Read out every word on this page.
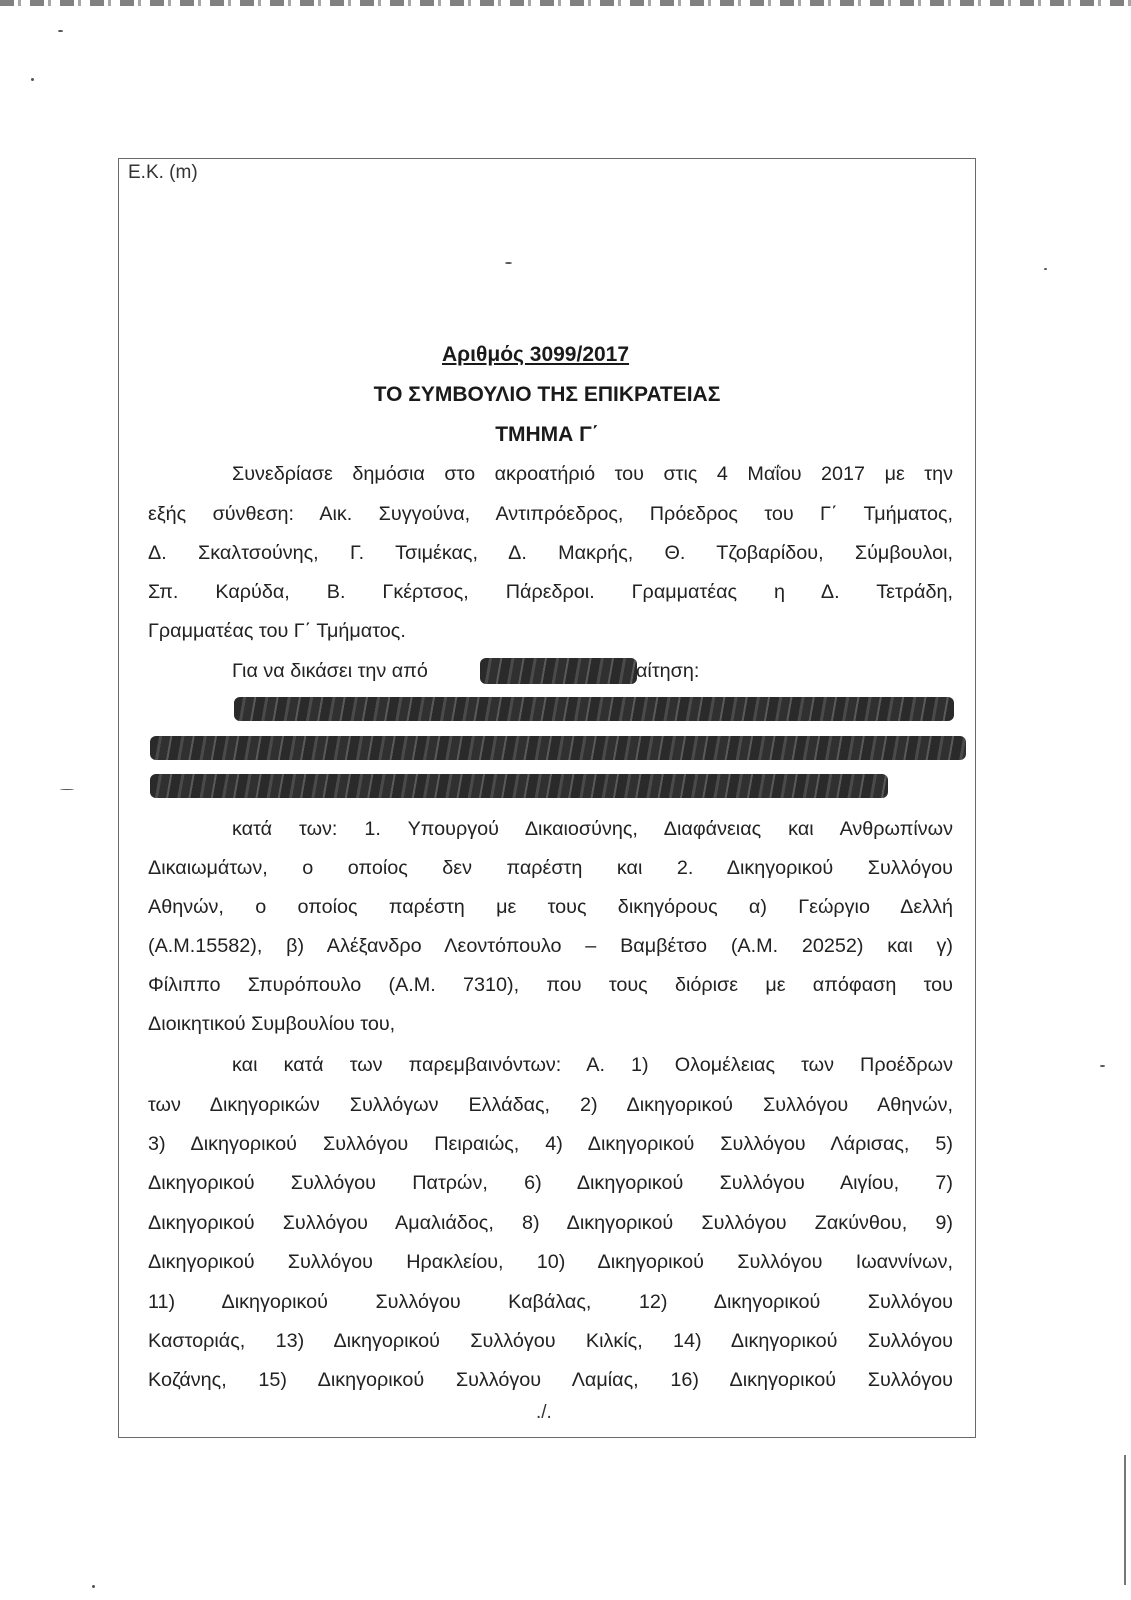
Ε.Κ. (m)
Αριθμός 3099/2017
ΤΟ ΣΥΜΒΟΥΛΙΟ ΤΗΣ ΕΠΙΚΡΑΤΕΙΑΣ
ΤΜΗΜΑ Γ΄
Συνεδρίασε δημόσια στο ακροατήριό του στις 4 Μαΐου 2017 με την
εξής σύνθεση: Αικ. Συγγούνα, Αντιπρόεδρος, Πρόεδρος του Γ΄ Τμήματος,
Δ. Σκαλτσούνης, Γ. Τσιμέκας, Δ. Μακρής, Θ. Τζοβαρίδου, Σύμβουλοι,
Σπ. Καρύδα, Β. Γκέρτσος, Πάρεδροι. Γραμματέας η Δ. Τετράδη,
Γραμματέας του Γ΄ Τμήματος.
Για να δικάσει την από	αίτηση:
κατά των: 1. Υπουργού Δικαιοσύνης, Διαφάνειας και Ανθρωπίνων
Δικαιωμάτων, ο οποίος δεν παρέστη και 2. Δικηγορικού Συλλόγου
Αθηνών, ο οποίος παρέστη με τους δικηγόρους α) Γεώργιο Δελλή
(Α.Μ.15582), β) Αλέξανδρο Λεοντόπουλο – Βαμβέτσο (Α.Μ. 20252) και γ)
Φίλιππο Σπυρόπουλο (Α.Μ. 7310), που τους διόρισε με απόφαση του
Διοικητικού Συμβουλίου του,
και κατά των παρεμβαινόντων: Α. 1) Ολομέλειας των Προέδρων
των Δικηγορικών Συλλόγων Ελλάδας, 2) Δικηγορικού Συλλόγου Αθηνών,
3) Δικηγορικού Συλλόγου Πειραιώς, 4) Δικηγορικού Συλλόγου Λάρισας, 5)
Δικηγορικού Συλλόγου Πατρών, 6) Δικηγορικού Συλλόγου Αιγίου, 7)
Δικηγορικού Συλλόγου Αμαλιάδος, 8) Δικηγορικού Συλλόγου Ζακύνθου, 9)
Δικηγορικού Συλλόγου Ηρακλείου, 10) Δικηγορικού Συλλόγου Ιωαννίνων,
11) Δικηγορικού Συλλόγου Καβάλας, 12) Δικηγορικού Συλλόγου
Καστοριάς, 13) Δικηγορικού Συλλόγου Κιλκίς, 14) Δικηγορικού Συλλόγου
Κοζάνης, 15) Δικηγορικού Συλλόγου Λαμίας, 16) Δικηγορικού Συλλόγου
./.
